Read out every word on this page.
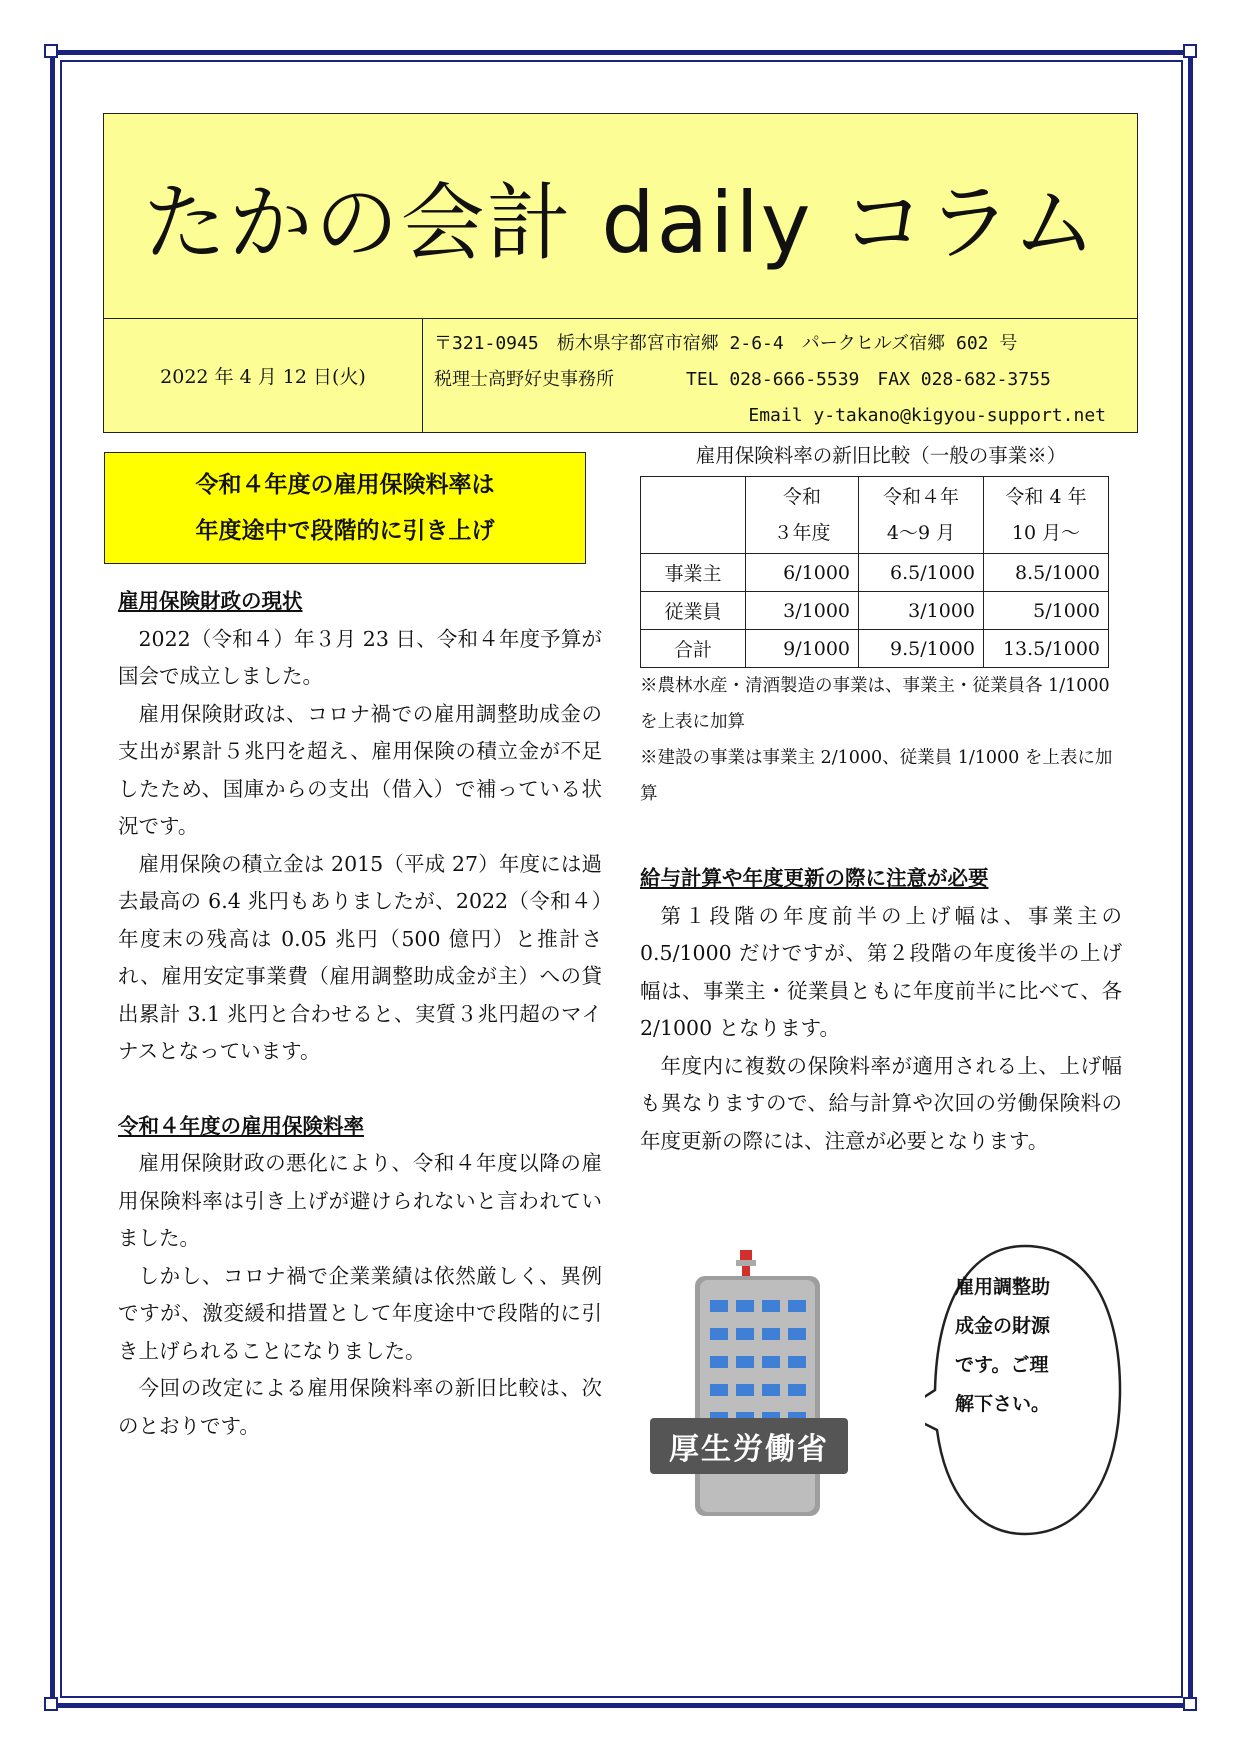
たかの会計 daily コラム
2022 年 4 月 12 日(火)
〒321-0945　栃木県宇都宮市宿郷 2-6-4　パークヒルズ宿郷 602 号
税理士高野好史事務所　　　　TEL 028-666-5539　FAX 028-682-3755
Email y-takano@kigyou-support.net
令和４年度の雇用保険料率は
年度途中で段階的に引き上げ

雇用保険財政の現状

2022（令和４）年３月 23 日、令和４年度予算が国会で成立しました。

雇用保険財政は、コロナ禍での雇用調整助成金の支出が累計５兆円を超え、雇用保険の積立金が不足したため、国庫からの支出（借入）で補っている状況です。

雇用保険の積立金は 2015（平成 27）年度には過去最高の 6.4 兆円もありましたが、2022（令和４）年度末の残高は 0.05 兆円（500 億円）と推計され、雇用安定事業費（雇用調整助成金が主）への貸出累計 3.1 兆円と合わせると、実質３兆円超のマイナスとなっています。

令和４年度の雇用保険料率

雇用保険財政の悪化により、令和４年度以降の雇用保険料率は引き上げが避けられないと言われていました。

しかし、コロナ禍で企業業績は依然厳しく、異例ですが、激変緩和措置として年度途中で段階的に引き上げられることになりました。

今回の改定による雇用保険料率の新旧比較は、次のとおりです。

雇用保険料率の新旧比較（一般の事業※）
	令和
３年度	令和４年
4～9 月	令和 4 年
10 月～
事業主	6/1000	6.5/1000	8.5/1000
従業員	3/1000	3/1000	5/1000
合計	9/1000	9.5/1000	13.5/1000
※農林水産・清酒製造の事業は、事業主・従業員各 1/1000 を上表に加算
※建設の事業は事業主 2/1000、従業員 1/1000 を上表に加算

給与計算や年度更新の際に注意が必要

第１段階の年度前半の上げ幅は、事業主の 0.5/1000 だけですが、第２段階の年度後半の上げ幅は、事業主・従業員ともに年度前半に比べて、各 2/1000 となります。

年度内に複数の保険料率が適用される上、上げ幅も異なりますので、給与計算や次回の労働保険料の年度更新の際には、注意が必要となります。

厚生労働省
雇用調整助
成金の財源
です。ご理
解下さい。
